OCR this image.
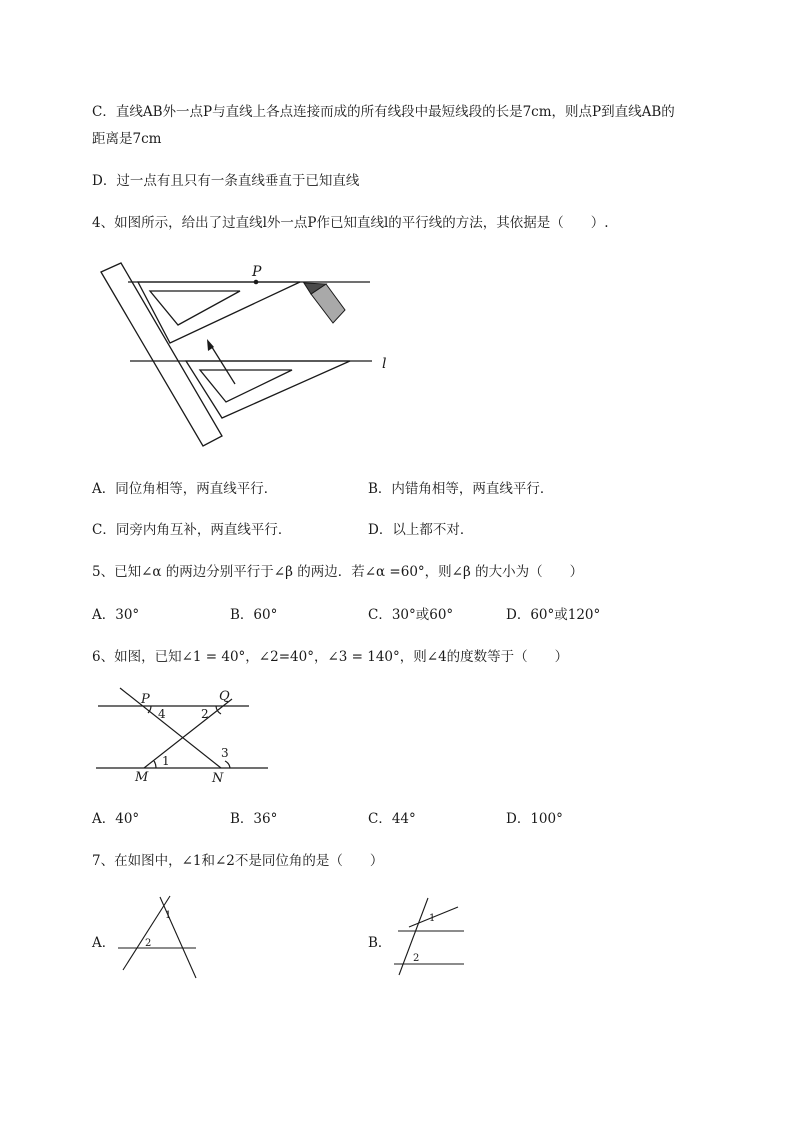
C．直线AB外一点P与直线上各点连接而成的所有线段中最短线段的长是7cm，则点P到直线AB的
距离是7cm
D．过一点有且只有一条直线垂直于已知直线
4、如图所示，给出了过直线l外一点P作已知直线l的平行线的方法，其依据是（　　）.
P
l
A．同位角相等，两直线平行．	B．内错角相等，两直线平行．
C．同旁内角互补，两直线平行．	D．以上都不对．
5、已知∠α 的两边分别平行于∠β 的两边．若∠α =60°，则∠β 的大小为（　　）
A．30°	B．60°	C．30°或60°	D．60°或120°
6、如图，已知∠1 = 40°，∠2=40°，∠3 = 140°，则∠4的度数等于（　　）
P	Q
M	N
4	2
1
3
A．40°	B．36°	C．44°	D．100°
7、在如图中，∠1和∠2不是同位角的是（　　）
A．
1
2	B．
1
2
